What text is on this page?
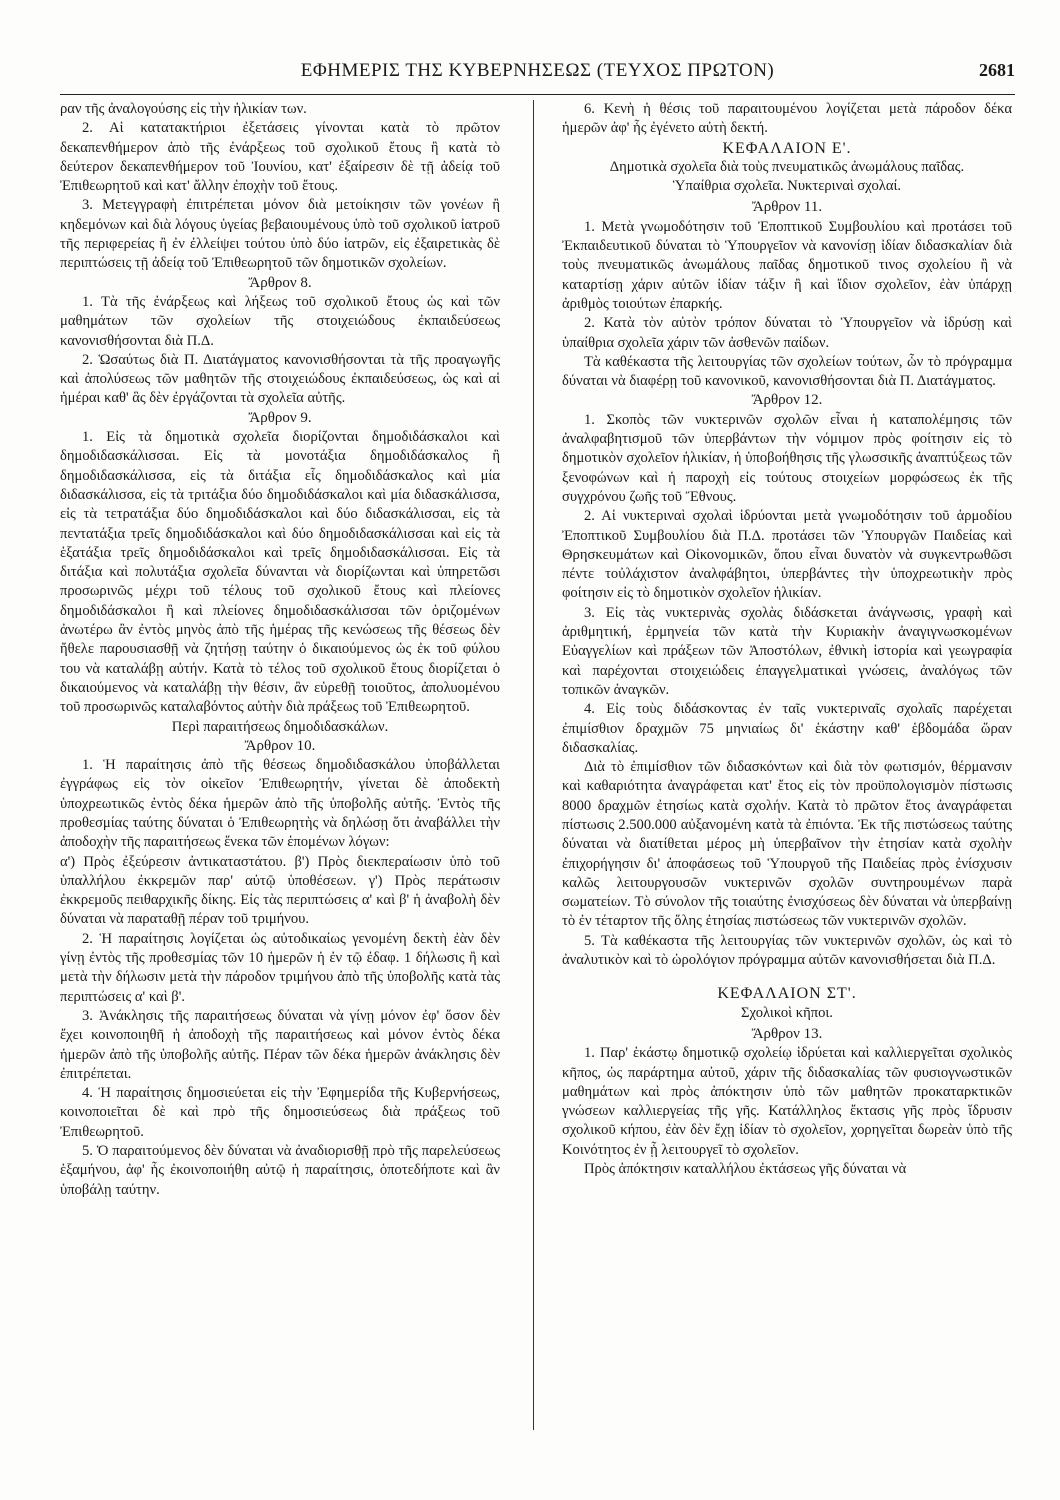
ΕΦΗΜΕΡΙΣ ΤΗΣ ΚΥΒΕΡΝΗΣΕΩΣ (ΤΕΥΧΟΣ ΠΡΩΤΟΝ)	2681

ραν τῆς ἀναλογούσης εἰς τὴν ἡλικίαν των.

2. Αἱ κατατακτήριοι ἐξετάσεις γίνονται κατὰ τὸ πρῶτον δεκαπενθήμερον ἀπὸ τῆς ἐνάρξεως τοῦ σχολικοῦ ἔτους ἢ κατὰ τὸ δεύτερον δεκαπενθήμερον τοῦ Ἰουνίου, κατ' ἐξαίρεσιν δὲ τῇ ἀδείᾳ τοῦ Ἐπιθεωρητοῦ καὶ κατ' ἄλλην ἐποχὴν τοῦ ἔτους.

3. Μετεγγραφὴ ἐπιτρέπεται μόνον διὰ μετοίκησιν τῶν γονέων ἢ κηδεμόνων καὶ διὰ λόγους ὑγείας βεβαιουμένους ὑπὸ τοῦ σχολικοῦ ἰατροῦ τῆς περιφερείας ἢ ἐν ἐλλείψει τούτου ὑπὸ δύο ἰατρῶν, εἰς ἐξαιρετικὰς δὲ περιπτώσεις τῇ ἀδείᾳ τοῦ Ἐπιθεωρητοῦ τῶν δημοτικῶν σχολείων.

Ἄρθρον 8.

1. Τὰ τῆς ἐνάρξεως καὶ λήξεως τοῦ σχολικοῦ ἔτους ὡς καὶ τῶν μαθημάτων τῶν σχολείων τῆς στοιχειώδους ἐκπαιδεύσεως κανονισθήσονται διὰ Π.Δ.

2. Ὡσαύτως διὰ Π. Διατάγματος κανονισθήσονται τὰ τῆς προαγωγῆς καὶ ἀπολύσεως τῶν μαθητῶν τῆς στοιχειώδους ἐκπαιδεύσεως, ὡς καὶ αἱ ἡμέραι καθ' ἃς δὲν ἐργάζονται τὰ σχολεῖα αὐτῆς.

Ἄρθρον 9.

1. Εἰς τὰ δημοτικὰ σχολεῖα διορίζονται δημοδιδάσκαλοι καὶ δημοδιδασκάλισσαι. Εἰς τὰ μονοτάξια δημοδιδάσκαλος ἢ δημοδιδασκάλισσα, εἰς τὰ διτάξια εἷς δημοδιδάσκαλος καὶ μία διδασκάλισσα, εἰς τὰ τριτάξια δύο δημοδιδάσκαλοι καὶ μία διδασκάλισσα, εἰς τὰ τετρατάξια δύο δημοδιδάσκαλοι καὶ δύο διδασκάλισσαι, εἰς τὰ πεντατάξια τρεῖς δημοδιδάσκαλοι καὶ δύο δημοδιδασκάλισσαι καὶ εἰς τὰ ἑξατάξια τρεῖς δημοδιδάσκαλοι καὶ τρεῖς δημοδιδασκάλισσαι. Εἰς τὰ διτάξια καὶ πολυτάξια σχολεῖα δύνανται νὰ διορίζωνται καὶ ὑπηρετῶσι προσωρινῶς μέχρι τοῦ τέλους τοῦ σχολικοῦ ἔτους καὶ πλείονες δημοδιδάσκαλοι ἢ καὶ πλείονες δημοδιδασκάλισσαι τῶν ὁριζομένων ἀνωτέρω ἂν ἐντὸς μηνὸς ἀπὸ τῆς ἡμέρας τῆς κενώσεως τῆς θέσεως δὲν ἤθελε παρουσιασθῇ νὰ ζητήσῃ ταύτην ὁ δικαιούμενος ὡς ἐκ τοῦ φύλου του νὰ καταλάβῃ αὐτήν. Κατὰ τὸ τέλος τοῦ σχολικοῦ ἔτους διορίζεται ὁ δικαιούμενος νὰ καταλάβῃ τὴν θέσιν, ἂν εὑρεθῇ τοιοῦτος, ἀπολυομένου τοῦ προσωρινῶς καταλαβόντος αὐτὴν διὰ πράξεως τοῦ Ἐπιθεωρητοῦ.

Περὶ παραιτήσεως δημοδιδασκάλων.

Ἄρθρον 10.

1. Ἡ παραίτησις ἀπὸ τῆς θέσεως δημοδιδασκάλου ὑποβάλλεται ἐγγράφως εἰς τὸν οἰκεῖον Ἐπιθεωρητήν, γίνεται δὲ ἀποδεκτὴ ὑποχρεωτικῶς ἐντὸς δέκα ἡμερῶν ἀπὸ τῆς ὑποβολῆς αὐτῆς. Ἐντὸς τῆς προθεσμίας ταύτης δύναται ὁ Ἐπιθεωρητὴς νὰ δηλώσῃ ὅτι ἀναβάλλει τὴν ἀποδοχὴν τῆς παραιτήσεως ἕνεκα τῶν ἑπομένων λόγων:

α') Πρὸς ἐξεύρεσιν ἀντικαταστάτου. β') Πρὸς διεκπεραίωσιν ὑπὸ τοῦ ὑπαλλήλου ἐκκρεμῶν παρ' αὐτῷ ὑποθέσεων. γ') Πρὸς περάτωσιν ἐκκρεμοῦς πειθαρχικῆς δίκης. Εἰς τὰς περιπτώσεις α' καὶ β' ἡ ἀναβολὴ δὲν δύναται νὰ παραταθῇ πέραν τοῦ τριμήνου.

2. Ἡ παραίτησις λογίζεται ὡς αὐτοδικαίως γενομένη δεκτὴ ἐὰν δὲν γίνῃ ἐντὸς τῆς προθεσμίας τῶν 10 ἡμερῶν ἡ ἐν τῷ ἐδαφ. 1 δήλωσις ἢ καὶ μετὰ τὴν δήλωσιν μετὰ τὴν πάροδον τριμήνου ἀπὸ τῆς ὑποβολῆς κατὰ τὰς περιπτώσεις α' καὶ β'.

3. Ἀνάκλησις τῆς παραιτήσεως δύναται νὰ γίνῃ μόνον ἐφ' ὅσον δὲν ἔχει κοινοποιηθῆ ἡ ἀποδοχὴ τῆς παραιτήσεως καὶ μόνον ἐντὸς δέκα ἡμερῶν ἀπὸ τῆς ὑποβολῆς αὐτῆς. Πέραν τῶν δέκα ἡμερῶν ἀνάκλησις δὲν ἐπιτρέπεται.

4. Ἡ παραίτησις δημοσιεύεται εἰς τὴν Ἐφημερίδα τῆς Κυβερνήσεως, κοινοποιεῖται δὲ καὶ πρὸ τῆς δημοσιεύσεως διὰ πράξεως τοῦ Ἐπιθεωρητοῦ.

5. Ὁ παραιτούμενος δὲν δύναται νὰ ἀναδιορισθῇ πρὸ τῆς παρελεύσεως ἑξαμήνου, ἀφ' ἧς ἐκοινοποιήθη αὐτῷ ἡ παραίτησις, ὁποτεδήποτε καὶ ἂν ὑποβάλῃ ταύτην.

6. Κενὴ ἡ θέσις τοῦ παραιτουμένου λογίζεται μετὰ πάροδον δέκα ἡμερῶν ἀφ' ἧς ἐγένετο αὐτὴ δεκτή.

ΚΕΦΑΛΑΙΟΝ Ε'.

Δημοτικὰ σχολεῖα διὰ τοὺς πνευματικῶς ἀνωμάλους παῖδας.

Ὑπαίθρια σχολεῖα. Νυκτεριναὶ σχολαί.

Ἄρθρον 11.

1. Μετὰ γνωμοδότησιν τοῦ Ἐποπτικοῦ Συμβουλίου καὶ προτάσει τοῦ Ἐκπαιδευτικοῦ δύναται τὸ Ὑπουργεῖον νὰ κανονίσῃ ἰδίαν διδασκαλίαν διὰ τοὺς πνευματικῶς ἀνωμάλους παῖδας δημοτικοῦ τινος σχολείου ἢ νὰ καταρτίσῃ χάριν αὐτῶν ἰδίαν τάξιν ἢ καὶ ἴδιον σχολεῖον, ἐὰν ὑπάρχῃ ἀριθμὸς τοιούτων ἐπαρκής.

2. Κατὰ τὸν αὐτὸν τρόπον δύναται τὸ Ὑπουργεῖον νὰ ἱδρύσῃ καὶ ὑπαίθρια σχολεῖα χάριν τῶν ἀσθενῶν παίδων.

Τὰ καθέκαστα τῆς λειτουργίας τῶν σχολείων τούτων, ὧν τὸ πρόγραμμα δύναται νὰ διαφέρῃ τοῦ κανονικοῦ, κανονισθήσονται διὰ Π. Διατάγματος.

Ἄρθρον 12.

1. Σκοπὸς τῶν νυκτερινῶν σχολῶν εἶναι ἡ καταπολέμησις τῶν ἀναλφαβητισμοῦ τῶν ὑπερβάντων τὴν νόμιμον πρὸς φοίτησιν εἰς τὸ δημοτικὸν σχολεῖον ἡλικίαν, ἡ ὑποβοήθησις τῆς γλωσσικῆς ἀναπτύξεως τῶν ξενοφώνων καὶ ἡ παροχὴ εἰς τούτους στοιχείων μορφώσεως ἐκ τῆς συγχρόνου ζωῆς τοῦ Ἔθνους.

2. Αἱ νυκτεριναὶ σχολαὶ ἱδρύονται μετὰ γνωμοδότησιν τοῦ ἁρμοδίου Ἐποπτικοῦ Συμβουλίου διὰ Π.Δ. προτάσει τῶν Ὑπουργῶν Παιδείας καὶ Θρησκευμάτων καὶ Οἰκονομικῶν, ὅπου εἶναι δυνατὸν νὰ συγκεντρωθῶσι πέντε τοὐλάχιστον ἀναλφάβητοι, ὑπερβάντες τὴν ὑποχρεωτικὴν πρὸς φοίτησιν εἰς τὸ δημοτικὸν σχολεῖον ἡλικίαν.

3. Εἰς τὰς νυκτερινὰς σχολὰς διδάσκεται ἀνάγνωσις, γραφὴ καὶ ἀριθμητική, ἑρμηνεία τῶν κατὰ τὴν Κυριακὴν ἀναγιγνωσκομένων Εὐαγγελίων καὶ πράξεων τῶν Ἀποστόλων, ἐθνικὴ ἱστορία καὶ γεωγραφία καὶ παρέχονται στοιχειώδεις ἐπαγγελματικαὶ γνώσεις, ἀναλόγως τῶν τοπικῶν ἀναγκῶν.

4. Εἰς τοὺς διδάσκοντας ἐν ταῖς νυκτεριναῖς σχολαῖς παρέχεται ἐπιμίσθιον δραχμῶν 75 μηνιαίως δι' ἑκάστην καθ' ἑβδομάδα ὥραν διδασκαλίας.

Διὰ τὸ ἐπιμίσθιον τῶν διδασκόντων καὶ διὰ τὸν φωτισμόν, θέρμανσιν καὶ καθαριότητα ἀναγράφεται κατ' ἔτος εἰς τὸν προϋπολογισμὸν πίστωσις 8000 δραχμῶν ἐτησίως κατὰ σχολήν. Κατὰ τὸ πρῶτον ἔτος ἀναγράφεται πίστωσις 2.500.000 αὐξανομένη κατὰ τὰ ἐπιόντα. Ἐκ τῆς πιστώσεως ταύτης δύναται νὰ διατίθεται μέρος μὴ ὑπερβαῖνον τὴν ἐτησίαν κατὰ σχολὴν ἐπιχορήγησιν δι' ἀποφάσεως τοῦ Ὑπουργοῦ τῆς Παιδείας πρὸς ἐνίσχυσιν καλῶς λειτουργουσῶν νυκτερινῶν σχολῶν συντηρουμένων παρὰ σωματείων. Τὸ σύνολον τῆς τοιαύτης ἐνισχύσεως δὲν δύναται νὰ ὑπερβαίνῃ τὸ ἐν τέταρτον τῆς ὅλης ἐτησίας πιστώσεως τῶν νυκτερινῶν σχολῶν.

5. Τὰ καθέκαστα τῆς λειτουργίας τῶν νυκτερινῶν σχολῶν, ὡς καὶ τὸ ἀναλυτικὸν καὶ τὸ ὡρολόγιον πρόγραμμα αὐτῶν κανονισθήσεται διὰ Π.Δ.

ΚΕΦΑΛΑΙΟΝ ΣΤ'.

Σχολικοὶ κῆποι.

Ἄρθρον 13.

1. Παρ' ἑκάστῳ δημοτικῷ σχολείῳ ἱδρύεται καὶ καλλιεργεῖται σχολικὸς κῆπος, ὡς παράρτημα αὐτοῦ, χάριν τῆς διδασκαλίας τῶν φυσιογνωστικῶν μαθημάτων καὶ πρὸς ἀπόκτησιν ὑπὸ τῶν μαθητῶν προκαταρκτικῶν γνώσεων καλλιεργείας τῆς γῆς. Κατάλληλος ἔκτασις γῆς πρὸς ἵδρυσιν σχολικοῦ κήπου, ἐὰν δὲν ἔχῃ ἰδίαν τὸ σχολεῖον, χορηγεῖται δωρεὰν ὑπὸ τῆς Κοινότητος ἐν ᾗ λειτουργεῖ τὸ σχολεῖον.

Πρὸς ἀπόκτησιν καταλλήλου ἐκτάσεως γῆς δύναται νὰ
